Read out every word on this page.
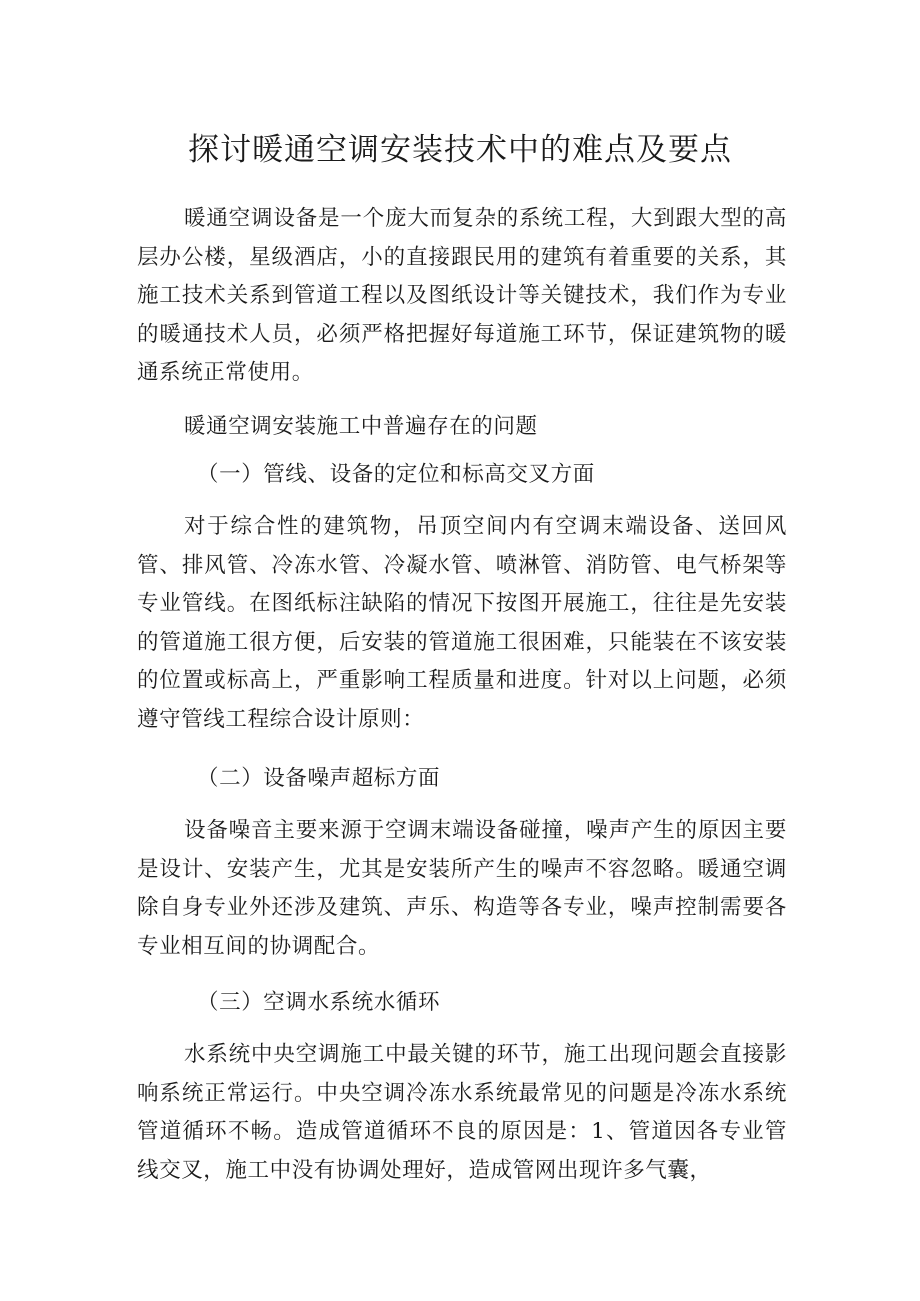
探讨暖通空调安装技术中的难点及要点

暖通空调设备是一个庞大而复杂的系统工程，大到跟大型的高层办公楼，星级酒店，小的直接跟民用的建筑有着重要的关系，其施工技术关系到管道工程以及图纸设计等关键技术，我们作为专业的暖通技术人员，必须严格把握好每道施工环节，保证建筑物的暖通系统正常使用。

暖通空调安装施工中普遍存在的问题

（一）管线、设备的定位和标高交叉方面

对于综合性的建筑物，吊顶空间内有空调末端设备、送回风管、排风管、冷冻水管、冷凝水管、喷淋管、消防管、电气桥架等专业管线。在图纸标注缺陷的情况下按图开展施工，往往是先安装的管道施工很方便，后安装的管道施工很困难，只能装在不该安装的位置或标高上，严重影响工程质量和进度。针对以上问题，必须遵守管线工程综合设计原则：

（二）设备噪声超标方面

设备噪音主要来源于空调末端设备碰撞，噪声产生的原因主要是设计、安装产生，尤其是安装所产生的噪声不容忽略。暖通空调除自身专业外还涉及建筑、声乐、构造等各专业，噪声控制需要各专业相互间的协调配合。

（三）空调水系统水循环

水系统中央空调施工中最关键的环节，施工出现问题会直接影响系统正常运行。中央空调冷冻水系统最常见的问题是冷冻水系统管道循环不畅。造成管道循环不良的原因是：1、管道因各专业管线交叉，施工中没有协调处理好，造成管网出现许多气囊，
